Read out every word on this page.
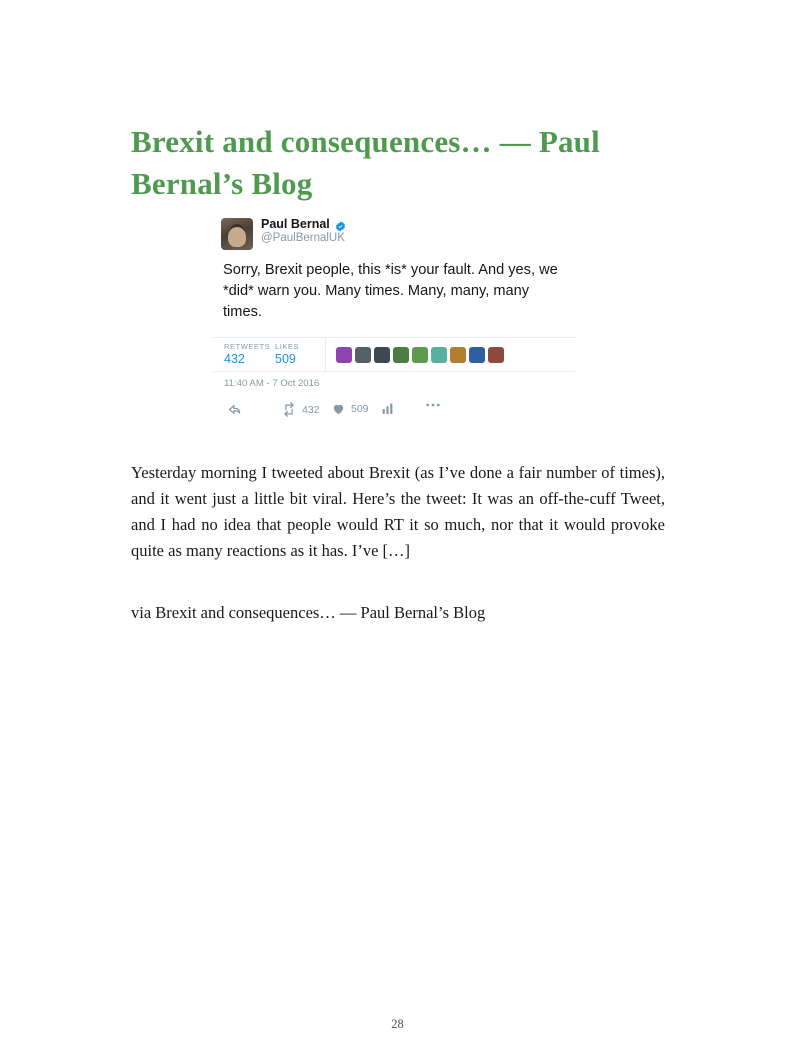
Brexit and consequences… — Paul Bernal’s Blog
Paul Bernal
@PaulBernalUK

Sorry, Brexit people, this *is* your fault. And yes, we *did* warn you. Many times. Many, many, many times.

RETWEETS
432
LIKES
509
11:40 AM - 7 Oct 2016
432	509

Yesterday morning I tweeted about Brexit (as I’ve done a fair number of times), and it went just a little bit viral. Here’s the tweet: It was an off-the-cuff Tweet, and I had no idea that people would RT it so much, nor that it would provoke quite as many reactions as it has. I’ve […]

via Brexit and consequences… — Paul Bernal’s Blog

28
